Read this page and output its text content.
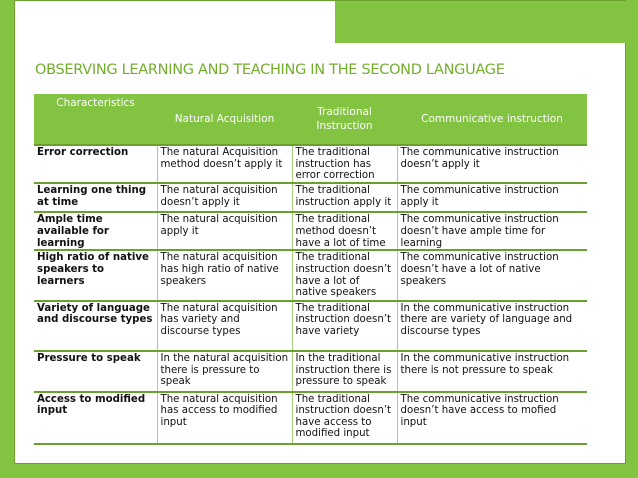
OBSERVING LEARNING AND TEACHING IN THE SECOND LANGUAGE
Characteristics	Natural Acquisition	Traditional Instruction	Communicative instruction
Error correction	The natural Acquisition method doesn’t apply it	The traditional instruction has error correction	The communicative instruction doesn’t apply it
Learning one thing at time	The natural acquisition doesn’t apply it	The traditional instruction apply it	The communicative instruction apply it
Ample time available for learning	The natural acquisition apply it	The traditional method doesn’t have a lot of time	The communicative instruction doesn’t have ample time for learning
High ratio of native speakers to learners	The natural acquisition has high ratio of native speakers	The traditional instruction doesn’t have a lot of native speakers	The communicative instruction doesn’t have a lot of native speakers
Variety of language and discourse types	The natural acquisition has variety and discourse types	The traditional instruction doesn’t have variety	In the communicative instruction there are variety of language and discourse types
Pressure to speak	In the natural acquisition there is pressure to speak	In the traditional instruction there is pressure to speak	In the communicative instruction there is not pressure to speak
Access to modified input	The natural acquisition has access to modified input	The traditional instruction doesn’t have access to modified input	The communicative instruction doesn’t have access to mofied input
